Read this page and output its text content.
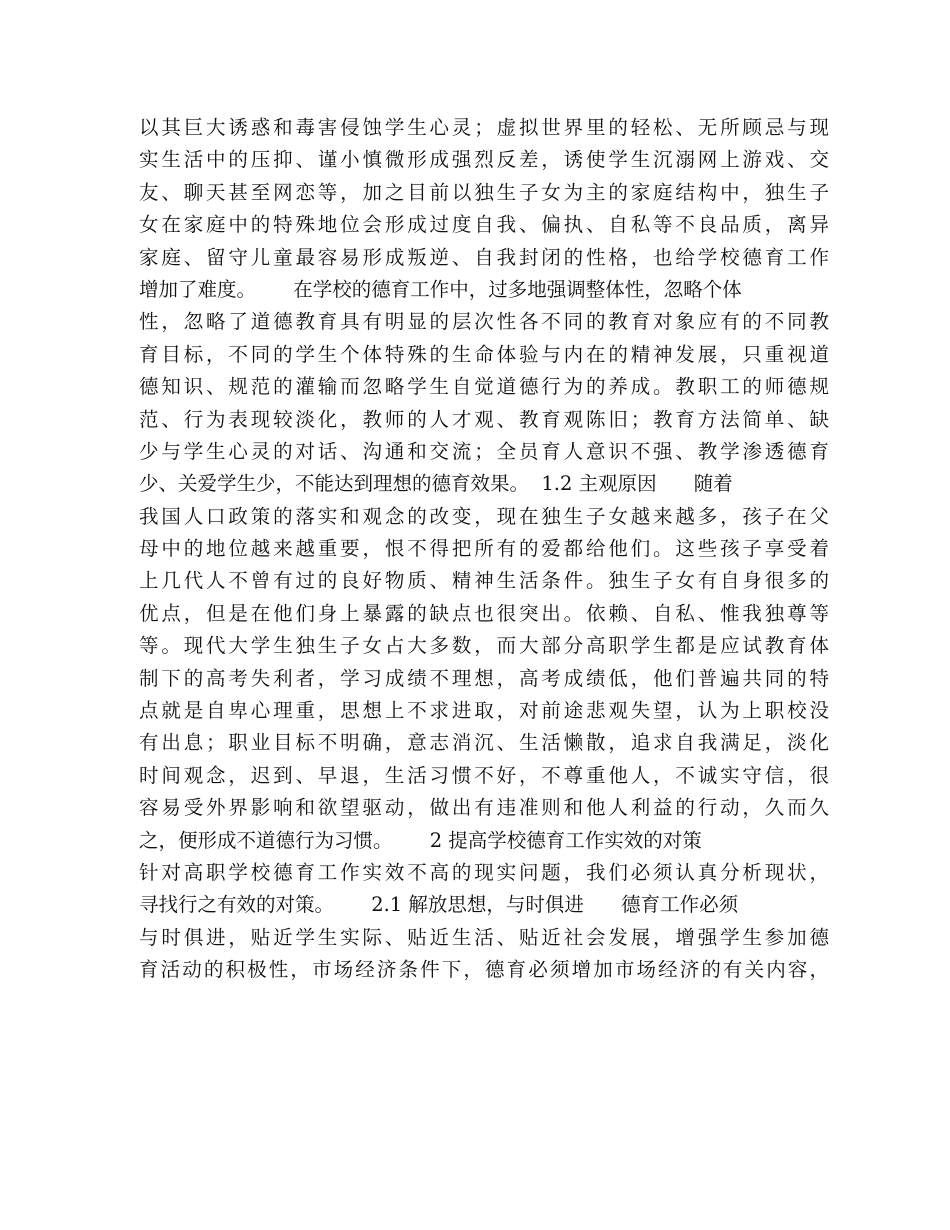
以其巨大诱惑和毒害侵蚀学生心灵；虚拟世界里的轻松、无所顾忌与现
实生活中的压抑、谨小慎微形成强烈反差，诱使学生沉溺网上游戏、交
友、聊天甚至网恋等，加之目前以独生子女为主的家庭结构中，独生子
女在家庭中的特殊地位会形成过度自我、偏执、自私等不良品质，离异
家庭、留守儿童最容易形成叛逆、自我封闭的性格，也给学校德育工作
增加了难度。      在学校的德育工作中，过多地强调整体性，忽略个体
性，忽略了道德教育具有明显的层次性各不同的教育对象应有的不同教
育目标，不同的学生个体特殊的生命体验与内在的精神发展，只重视道
德知识、规范的灌输而忽略学生自觉道德行为的养成。教职工的师德规
范、行为表现较淡化，教师的人才观、教育观陈旧；教育方法简单、缺
少与学生心灵的对话、沟通和交流；全员育人意识不强、教学渗透德育
少、关爱学生少，不能达到理想的德育效果。  1.2 主观原因      随着
我国人口政策的落实和观念的改变，现在独生子女越来越多，孩子在父
母中的地位越来越重要，恨不得把所有的爱都给他们。这些孩子享受着
上几代人不曾有过的良好物质、精神生活条件。独生子女有自身很多的
优点，但是在他们身上暴露的缺点也很突出。依赖、自私、惟我独尊等
等。现代大学生独生子女占大多数，而大部分高职学生都是应试教育体
制下的高考失利者，学习成绩不理想，高考成绩低，他们普遍共同的特
点就是自卑心理重，思想上不求进取，对前途悲观失望，认为上职校没
有出息；职业目标不明确，意志消沉、生活懒散，追求自我满足，淡化
时间观念，迟到、早退，生活习惯不好，不尊重他人，不诚实守信，很
容易受外界影响和欲望驱动，做出有违准则和他人利益的行动，久而久
之，便形成不道德行为习惯。      2 提高学校德育工作实效的对策
针对高职学校德育工作实效不高的现实问题，我们必须认真分析现状，
寻找行之有效的对策。      2.1 解放思想，与时俱进      德育工作必须
与时俱进，贴近学生实际、贴近生活、贴近社会发展，增强学生参加德
育活动的积极性，市场经济条件下，德育必须增加市场经济的有关内容，
